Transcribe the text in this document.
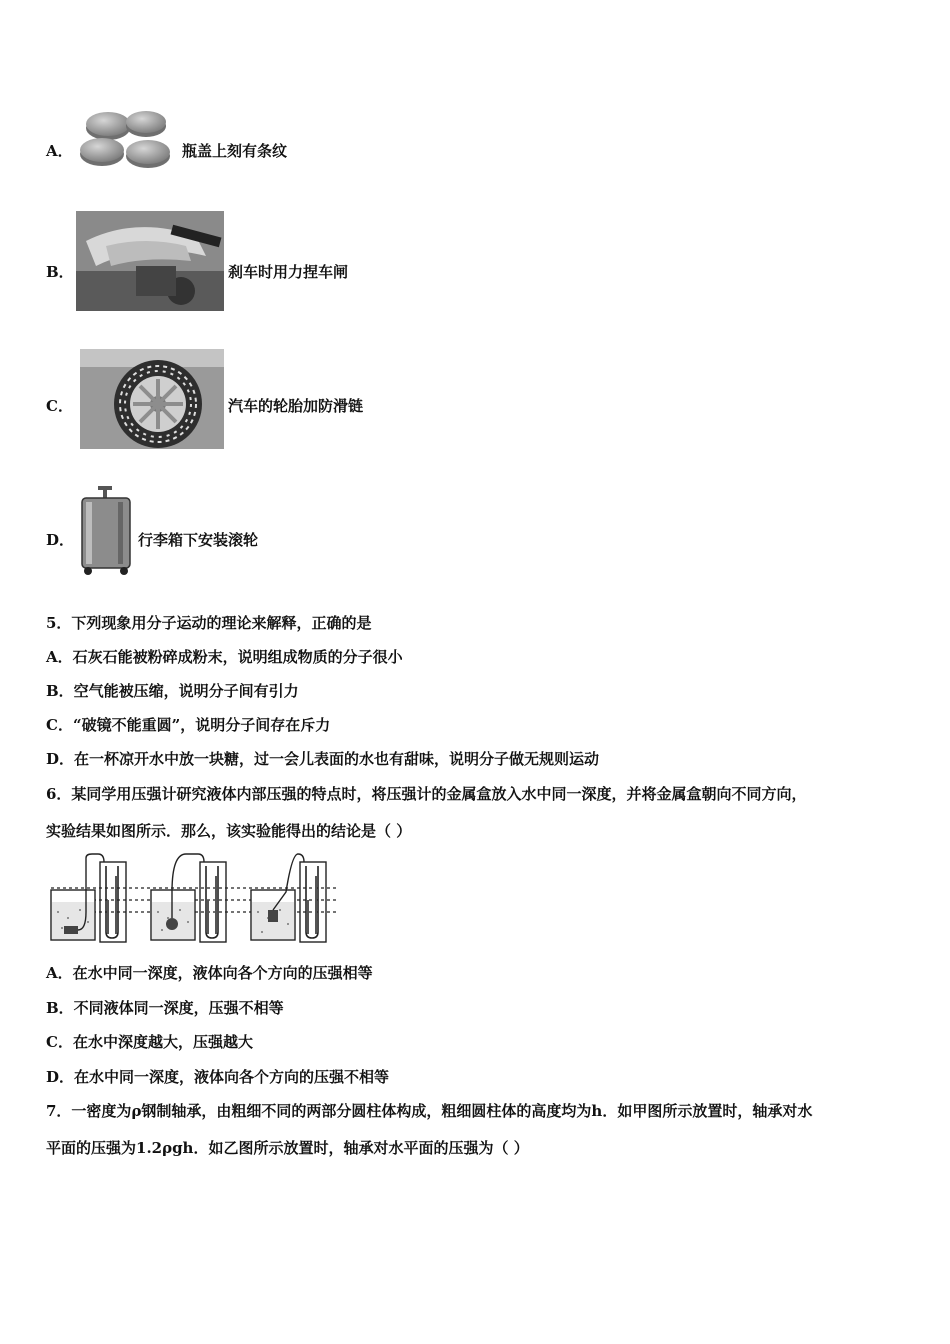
A．	瓶盖上刻有条纹
B．	刹车时用力捏车闸
C．	汽车的轮胎加防滑链
D．	行李箱下安装滚轮
5．下列现象用分子运动的理论来解释，正确的是
A．石灰石能被粉碎成粉末，说明组成物质的分子很小
B．空气能被压缩，说明分子间有引力
C．“破镜不能重圆”，说明分子间存在斥力
D．在一杯凉开水中放一块糖，过一会儿表面的水也有甜味，说明分子做无规则运动
6．某同学用压强计研究液体内部压强的特点时，将压强计的金属盒放入水中同一深度，并将金属盒朝向不同方向，
实验结果如图所示．那么，该实验能得出的结论是（ ）
A．在水中同一深度，液体向各个方向的压强相等
B．不同液体同一深度，压强不相等
C．在水中深度越大，压强越大
D．在水中同一深度，液体向各个方向的压强不相等
7．一密度为ρ钢制轴承，由粗细不同的两部分圆柱体构成，粗细圆柱体的高度均为h．如甲图所示放置时，轴承对水
平面的压强为1.2ρgh．如乙图所示放置时，轴承对水平面的压强为（ ）
